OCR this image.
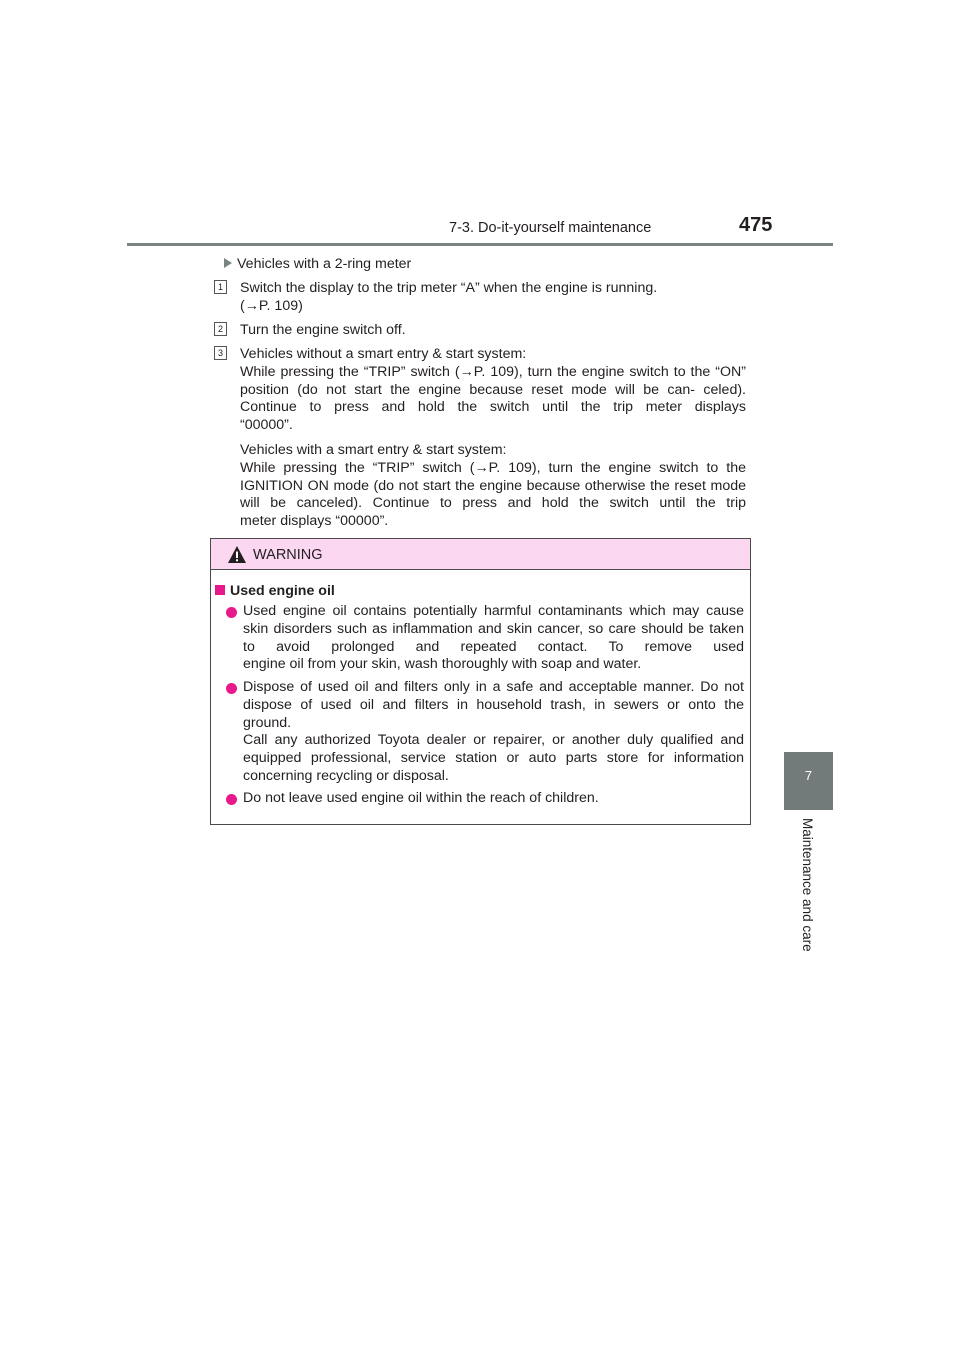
7-3. Do-it-yourself maintenance	475
7
Maintenance and care
Vehicles with a 2-ring meter
1 Switch the display to the trip meter “A” when the engine is running.
(→P. 109)
2 Turn the engine switch off.
3 Vehicles without a smart entry & start system:
While pressing the “TRIP” switch (→P. 109), turn the engine switch to the “ON” position (do not start the engine because reset mode will be can- celed). Continue to press and hold the switch until the trip meter displays
“00000”.
Vehicles with a smart entry & start system:
While pressing the “TRIP” switch (→P. 109), turn the engine switch to the IGNITION ON mode (do not start the engine because otherwise the reset mode will be canceled). Continue to press and hold the switch until the trip
meter displays “00000”.
WARNING
Used engine oil
Used engine oil contains potentially harmful contaminants which may cause skin disorders such as inflammation and skin cancer, so care should be taken to avoid prolonged and repeated contact. To remove used
engine oil from your skin, wash thoroughly with soap and water.
Dispose of used oil and filters only in a safe and acceptable manner. Do not dispose of used oil and filters in household trash, in sewers or onto the
ground.
Call any authorized Toyota dealer or repairer, or another duly qualified and equipped professional, service station or auto parts store for information
concerning recycling or disposal.
Do not leave used engine oil within the reach of children.
